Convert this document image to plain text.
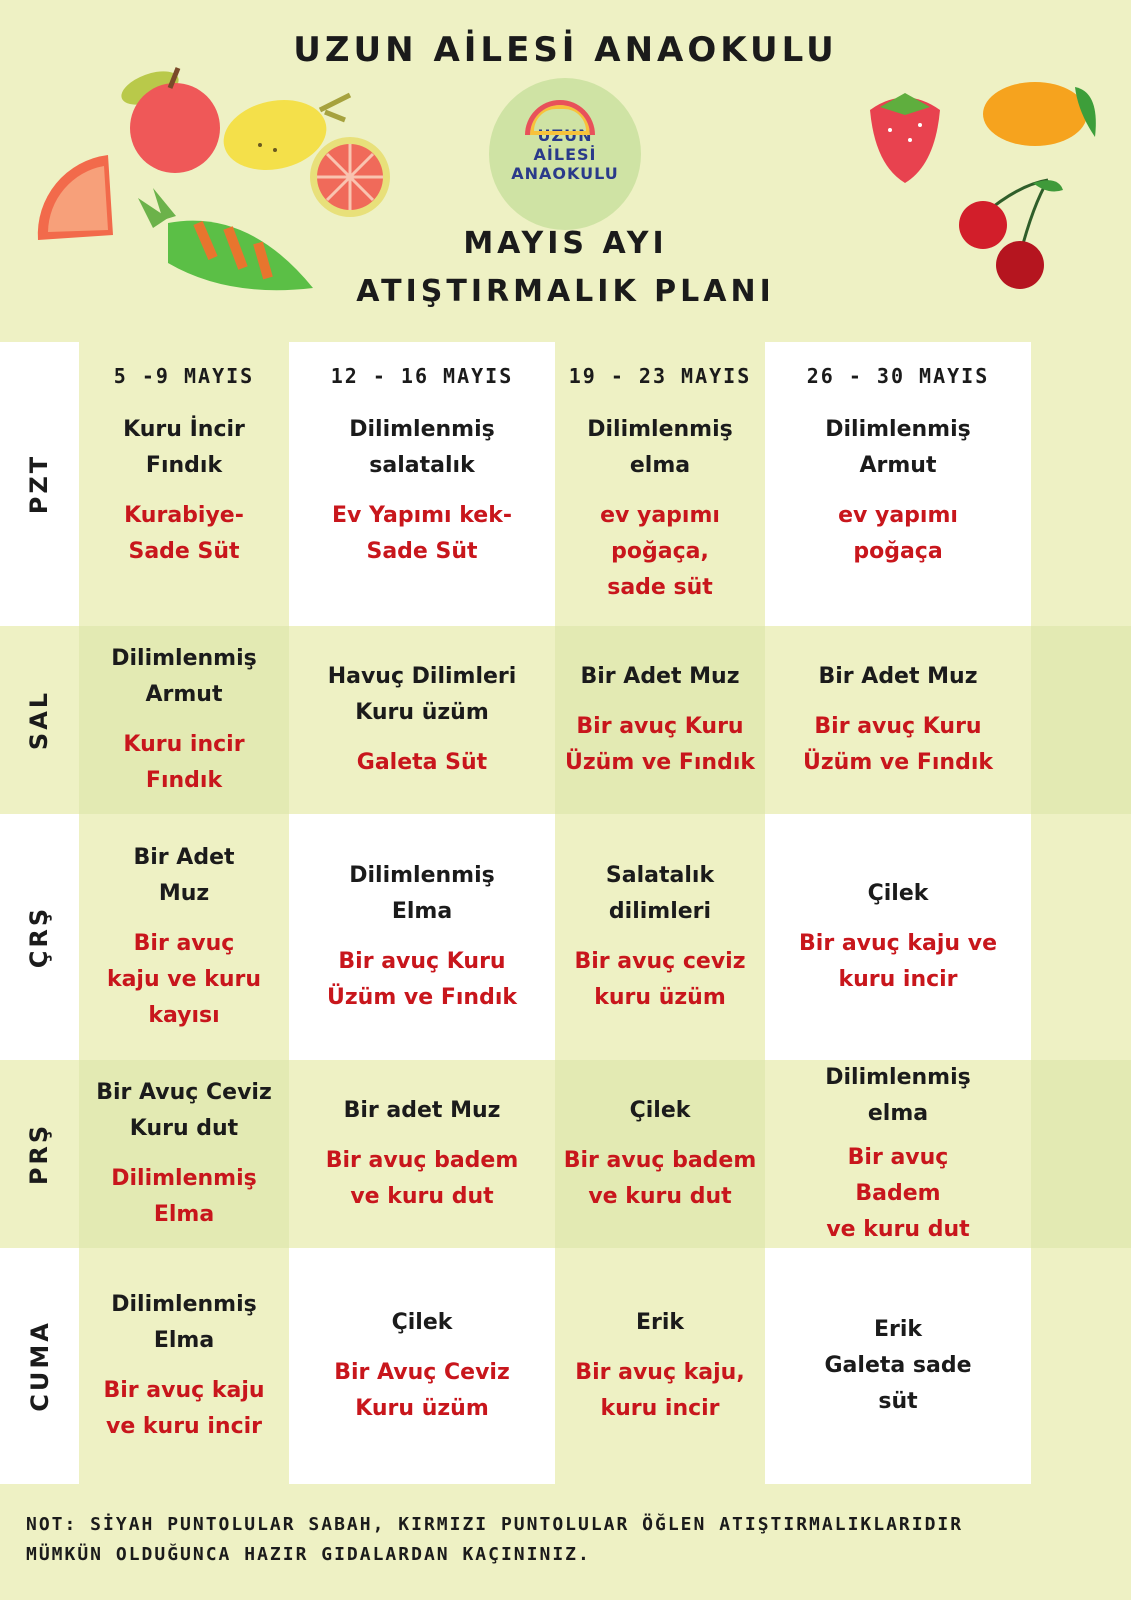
UZUN AİLESİ ANAOKULU
UZUN
AİLESİ
ANAOKULU
MAYIS AYI
ATIŞTIRMALIK PLANI
PZT
5 -9 MAYIS
Kuru İncir
Fındık
Kurabiye-
Sade Süt
12 - 16 MAYIS
Dilimlenmiş
salatalık
Ev Yapımı kek-
Sade Süt
19 - 23 MAYIS
Dilimlenmiş
elma
ev yapımı
poğaça,
sade süt
26 - 30 MAYIS
Dilimlenmiş
Armut
ev yapımı
poğaça
SAL
Dilimlenmiş
Armut
Kuru incir
Fındık
Havuç Dilimleri
Kuru üzüm
Galeta Süt
Bir Adet Muz
Bir avuç Kuru
Üzüm ve Fındık
Bir Adet Muz
Bir avuç Kuru
Üzüm ve Fındık
ÇRŞ
Bir Adet
Muz
Bir avuç
kaju ve kuru
kayısı
Dilimlenmiş
Elma
Bir avuç Kuru
Üzüm ve Fındık
Salatalık
dilimleri
Bir avuç ceviz
kuru üzüm
Çilek
Bir avuç kaju ve
kuru incir
PRŞ
Bir Avuç Ceviz
Kuru dut
Dilimlenmiş
Elma
Bir adet Muz
Bir avuç badem
ve kuru dut
Çilek
Bir avuç badem
ve kuru dut
Dilimlenmiş
elma
Bir avuç
Badem
ve kuru dut
CUMA
Dilimlenmiş
Elma
Bir avuç kaju
ve kuru incir
Çilek
Bir Avuç Ceviz
Kuru üzüm
Erik
Bir avuç kaju,
kuru incir
Erik
Galeta sade
süt
NOT: SİYAH PUNTOLULAR SABAH, KIRMIZI PUNTOLULAR ÖĞLEN ATIŞTIRMALIKLARIDIR
MÜMKÜN OLDUĞUNCA HAZIR GIDALARDAN KAÇININIZ.
